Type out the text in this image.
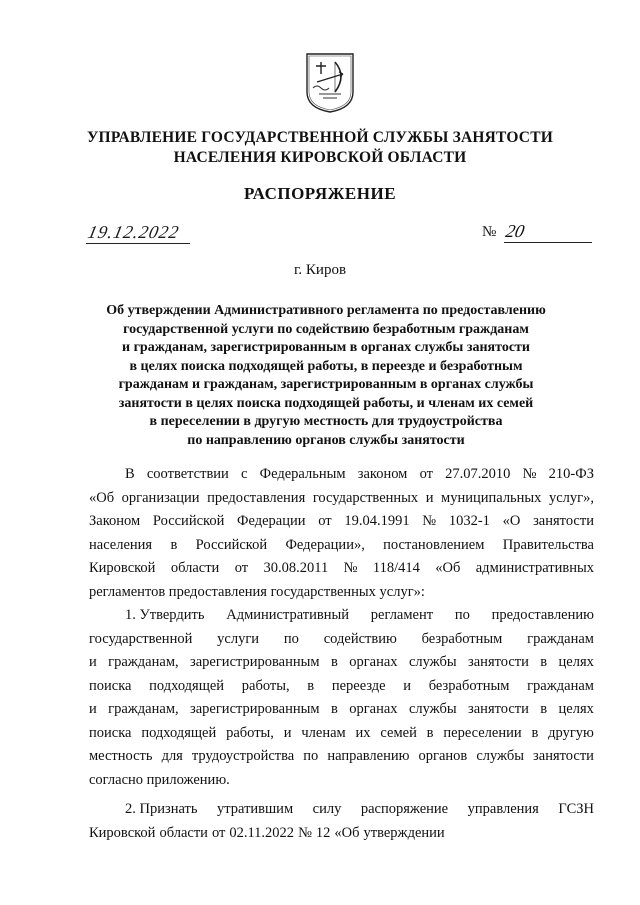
УПРАВЛЕНИЕ ГОСУДАРСТВЕННОЙ СЛУЖБЫ ЗАНЯТОСТИ
НАСЕЛЕНИЯ КИРОВСКОЙ ОБЛАСТИ
РАСПОРЯЖЕНИЕ
19.12.2022	№ 20
г. Киров
Об утверждении Административного регламента по предоставлению
государственной услуги по содействию безработным гражданам
и гражданам, зарегистрированным в органах службы занятости
в целях поиска подходящей работы, в переезде и безработным
гражданам и гражданам, зарегистрированным в органах службы
занятости в целях поиска подходящей работы, и членам их семей
в переселении в другую местность для трудоустройства
по направлению органов службы занятости
В соответствии с Федеральным законом от 27.07.2010 № 210-ФЗ
«Об организации предоставления государственных и муниципальных услуг»,
Законом Российской Федерации от 19.04.1991 № 1032-1 «О занятости
населения в Российской Федерации», постановлением Правительства
Кировской области от 30.08.2011 № 118/414 «Об административных
регламентов предоставления государственных услуг»:
1. Утвердить Административный регламент по предоставлению
государственной услуги по содействию безработным гражданам
и гражданам, зарегистрированным в органах службы занятости в целях
поиска подходящей работы, в переезде и безработным гражданам
и гражданам, зарегистрированным в органах службы занятости в целях
поиска подходящей работы, и членам их семей в переселении в другую
местность для трудоустройства по направлению органов службы занятости
согласно приложению.
2. Признать утратившим силу распоряжение управления ГСЗН
Кировской области от 02.11.2022 № 12 «Об утверждении
